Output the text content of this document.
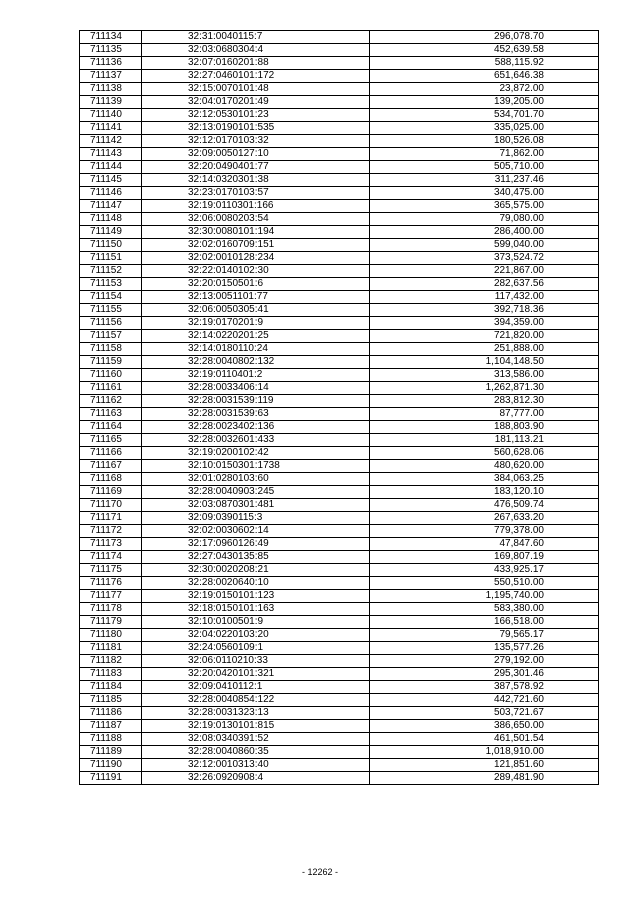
711134	32:31:0040115:7	296,078.70
711135	32:03:0680304:4	452,639.58
711136	32:07:0160201:88	588,115.92
711137	32:27:0460101:172	651,646.38
711138	32:15:0070101:48	23,872.00
711139	32:04:0170201:49	139,205.00
711140	32:12:0530101:23	534,701.70
711141	32:13:0190101:535	335,025.00
711142	32:12:0170103:32	180,526.08
711143	32:09:0050127:10	71,862.00
711144	32:20:0490401:77	505,710.00
711145	32:14:0320301:38	311,237.46
711146	32:23:0170103:57	340,475.00
711147	32:19:0110301:166	365,575.00
711148	32:06:0080203:54	79,080.00
711149	32:30:0080101:194	286,400.00
711150	32:02:0160709:151	599,040.00
711151	32:02:0010128:234	373,524.72
711152	32:22:0140102:30	221,867.00
711153	32:20:0150501:6	282,637.56
711154	32:13:0051101:77	117,432.00
711155	32:06:0050305:41	392,718.36
711156	32:19:0170201:9	394,359.00
711157	32:14:0220201:25	721,820.00
711158	32:14:0180110:24	251,888.00
711159	32:28:0040802:132	1,104,148.50
711160	32:19:0110401:2	313,586.00
711161	32:28:0033406:14	1,262,871.30
711162	32:28:0031539:119	283,812.30
711163	32:28:0031539:63	87,777.00
711164	32:28:0023402:136	188,803.90
711165	32:28:0032601:433	181,113.21
711166	32:19:0200102:42	560,628.06
711167	32:10:0150301:1738	480,620.00
711168	32:01:0280103:60	384,063.25
711169	32:28:0040903:245	183,120.10
711170	32:03:0870301:481	476,509.74
711171	32:09:0390115:3	267,633.20
711172	32:02:0030602:14	779,378.00
711173	32:17:0960126:49	47,847.60
711174	32:27:0430135:85	169,807.19
711175	32:30:0020208:21	433,925.17
711176	32:28:0020640:10	550,510.00
711177	32:19:0150101:123	1,195,740.00
711178	32:18:0150101:163	583,380.00
711179	32:10:0100501:9	166,518.00
711180	32:04:0220103:20	79,565.17
711181	32:24:0560109:1	135,577.26
711182	32:06:0110210:33	279,192.00
711183	32:20:0420101:321	295,301.46
711184	32:09:0410112:1	387,578.92
711185	32:28:0040854:122	442,721.60
711186	32:28:0031323:13	503,721.67
711187	32:19:0130101:815	386,650.00
711188	32:08:0340391:52	461,501.54
711189	32:28:0040860:35	1,018,910.00
711190	32:12:0010313:40	121,851.60
711191	32:26:0920908:4	289,481.90
- 12262 -
